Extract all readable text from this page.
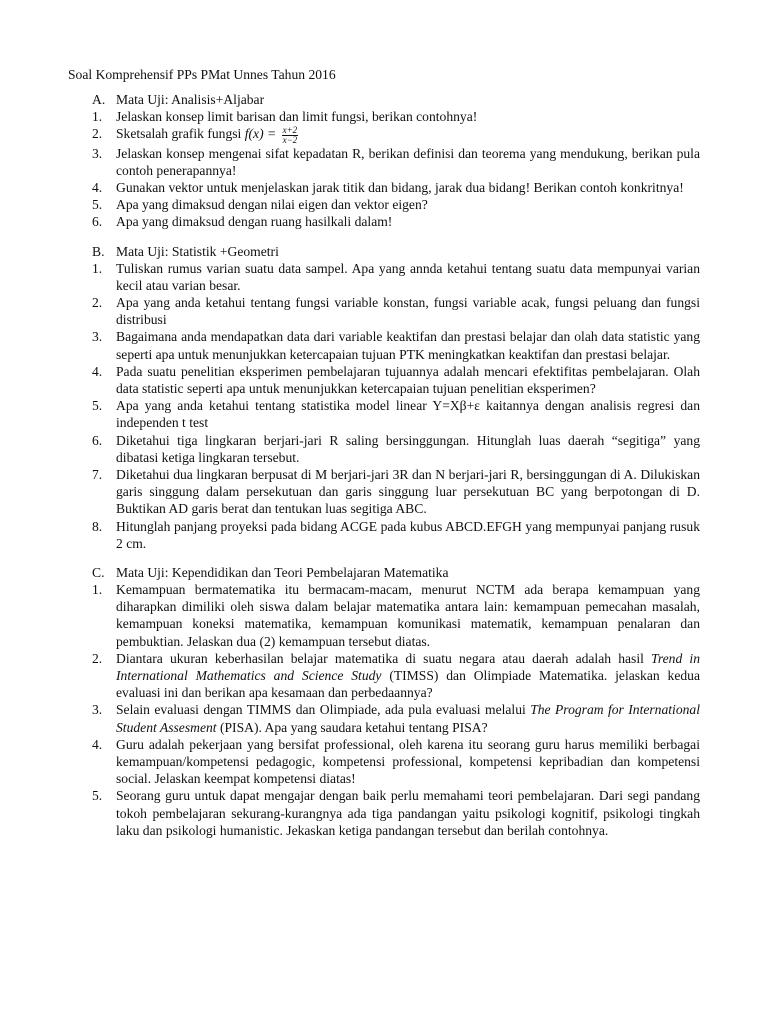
Soal Komprehensif PPs PMat Unnes Tahun 2016
A. Mata Uji: Analisis+Aljabar
1.	Jelaskan konsep limit barisan dan limit fungsi, berikan contohnya!
2.	Sketsalah grafik fungsi $f(x) = \frac{x+2}{x-2}$
3.	Jelaskan konsep mengenai sifat kepadatan R, berikan definisi dan teorema yang mendukung, berikan pula contoh penerapannya!
4.	Gunakan vektor untuk menjelaskan jarak titik dan bidang, jarak dua bidang! Berikan contoh konkritnya!
5.	Apa yang dimaksud dengan nilai eigen dan vektor eigen?
6.	Apa yang dimaksud dengan ruang hasilkali dalam!
B. Mata Uji: Statistik +Geometri
1.	Tuliskan rumus varian suatu data sampel. Apa yang annda ketahui tentang suatu data mempunyai varian kecil atau varian besar.
2.	Apa yang anda ketahui tentang fungsi variable konstan, fungsi variable acak, fungsi peluang dan fungsi distribusi
3.	Bagaimana anda mendapatkan data dari variable keaktifan dan prestasi belajar dan olah data statistic yang seperti apa untuk menunjukkan ketercapaian tujuan PTK meningkatkan keaktifan dan prestasi belajar.
4.	Pada suatu penelitian eksperimen pembelajaran tujuannya adalah mencari efektifitas pembelajaran. Olah data statistic seperti apa untuk menunjukkan ketercapaian tujuan penelitian eksperimen?
5.	Apa yang anda ketahui tentang statistika model linear Y=Xβ+ε kaitannya dengan analisis regresi dan independen t test
6.	Diketahui tiga lingkaran berjari-jari R saling bersinggungan. Hitunglah luas daerah “segitiga” yang dibatasi ketiga lingkaran tersebut.
7.	Diketahui dua lingkaran berpusat di M berjari-jari 3R dan N berjari-jari R, bersinggungan di A. Dilukiskan garis singgung dalam persekutuan dan garis singgung luar persekutuan BC yang berpotongan di D. Buktikan AD garis berat dan tentukan luas segitiga ABC.
8.	Hitunglah panjang proyeksi pada bidang ACGE pada kubus ABCD.EFGH yang mempunyai panjang rusuk 2 cm.
C. Mata Uji: Kependidikan dan Teori Pembelajaran Matematika
1.	Kemampuan bermatematika itu bermacam-macam, menurut NCTM ada berapa kemampuan yang diharapkan dimiliki oleh siswa dalam belajar matematika antara lain: kemampuan pemecahan masalah, kemampuan koneksi matematika, kemampuan komunikasi matematik, kemampuan penalaran dan pembuktian. Jelaskan dua (2) kemampuan tersebut diatas.
2.	Diantara ukuran keberhasilan belajar matematika di suatu negara atau daerah adalah hasil Trend in International Mathematics and Science Study (TIMSS) dan Olimpiade Matematika. jelaskan kedua evaluasi ini dan berikan apa kesamaan dan perbedaannya?
3.	Selain evaluasi dengan TIMMS dan Olimpiade, ada pula evaluasi melalui The Program for International Student Assesment (PISA). Apa yang saudara ketahui tentang PISA?
4.	Guru adalah pekerjaan yang bersifat professional, oleh karena itu seorang guru harus memiliki berbagai kemampuan/kompetensi pedagogic, kompetensi professional, kompetensi kepribadian dan kompetensi social. Jelaskan keempat kompetensi diatas!
5.	Seorang guru untuk dapat mengajar dengan baik perlu memahami teori pembelajaran. Dari segi pandang tokoh pembelajaran sekurang-kurangnya ada tiga pandangan yaitu psikologi kognitif, psikologi tingkah laku dan psikologi humanistic. Jekaskan ketiga pandangan tersebut dan berilah contohnya.
